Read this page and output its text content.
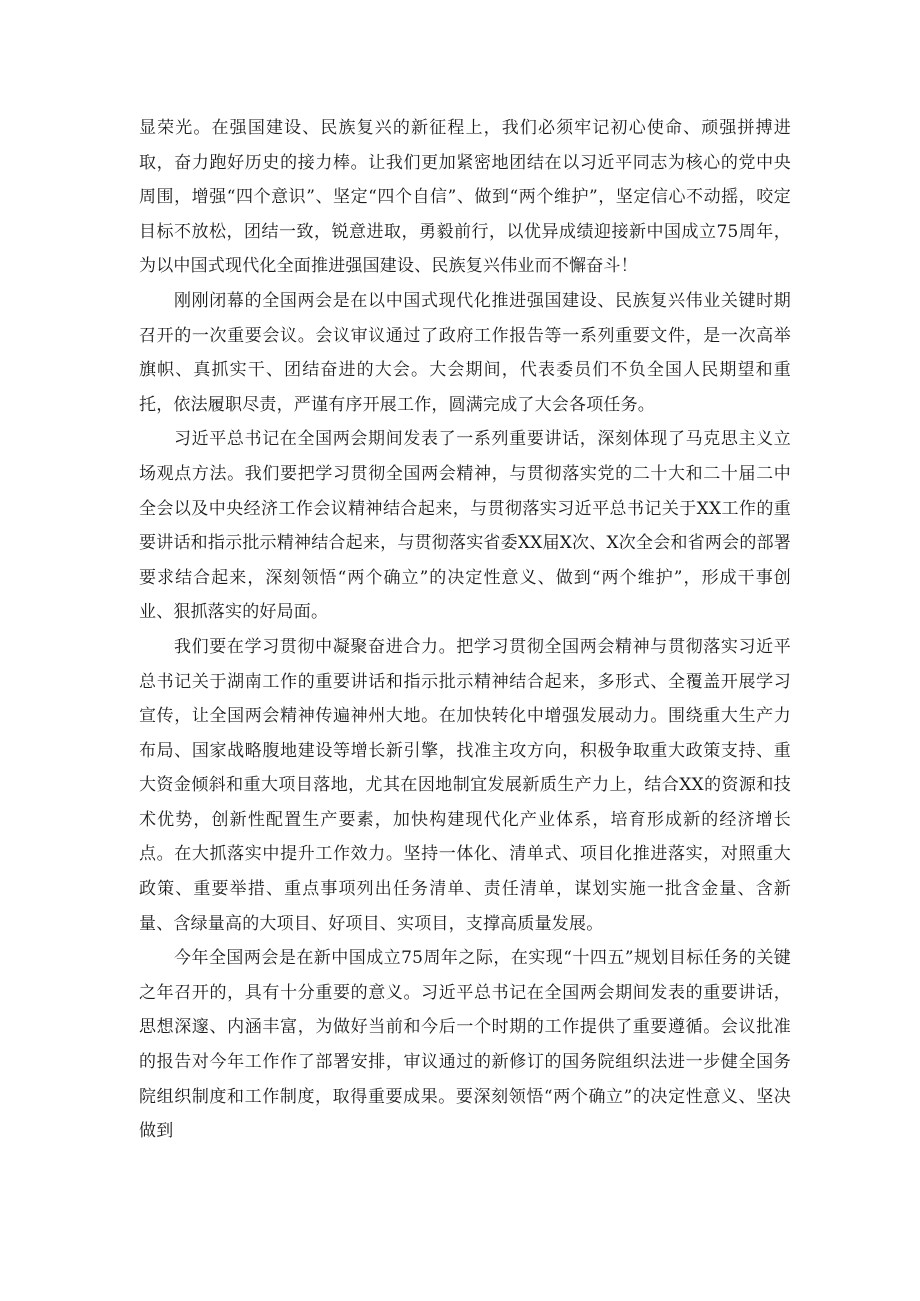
显荣光。在强国建设、民族复兴的新征程上，我们必须牢记初心使命、顽强拼搏进取，奋力跑好历史的接力棒。让我们更加紧密地团结在以习近平同志为核心的党中央周围，增强“四个意识”、坚定“四个自信”、做到“两个维护”，坚定信心不动摇，咬定目标不放松，团结一致，锐意进取，勇毅前行，以优异成绩迎接新中国成立75周年，为以中国式现代化全面推进强国建设、民族复兴伟业而不懈奋斗！

刚刚闭幕的全国两会是在以中国式现代化推进强国建设、民族复兴伟业关键时期召开的一次重要会议。会议审议通过了政府工作报告等一系列重要文件，是一次高举旗帜、真抓实干、团结奋进的大会。大会期间，代表委员们不负全国人民期望和重托，依法履职尽责，严谨有序开展工作，圆满完成了大会各项任务。

习近平总书记在全国两会期间发表了一系列重要讲话，深刻体现了马克思主义立场观点方法。我们要把学习贯彻全国两会精神，与贯彻落实党的二十大和二十届二中全会以及中央经济工作会议精神结合起来，与贯彻落实习近平总书记关于XX工作的重要讲话和指示批示精神结合起来，与贯彻落实省委XX届X次、X次全会和省两会的部署要求结合起来，深刻领悟“两个确立”的决定性意义、做到“两个维护”，形成干事创业、狠抓落实的好局面。

我们要在学习贯彻中凝聚奋进合力。把学习贯彻全国两会精神与贯彻落实习近平总书记关于湖南工作的重要讲话和指示批示精神结合起来，多形式、全覆盖开展学习宣传，让全国两会精神传遍神州大地。在加快转化中增强发展动力。围绕重大生产力布局、国家战略腹地建设等增长新引擎，找准主攻方向，积极争取重大政策支持、重大资金倾斜和重大项目落地，尤其在因地制宜发展新质生产力上，结合XX的资源和技术优势，创新性配置生产要素，加快构建现代化产业体系，培育形成新的经济增长点。在大抓落实中提升工作效力。坚持一体化、清单式、项目化推进落实，对照重大政策、重要举措、重点事项列出任务清单、责任清单，谋划实施一批含金量、含新量、含绿量高的大项目、好项目、实项目，支撑高质量发展。

今年全国两会是在新中国成立75周年之际，在实现“十四五”规划目标任务的关键之年召开的，具有十分重要的意义。习近平总书记在全国两会期间发表的重要讲话，思想深邃、内涵丰富，为做好当前和今后一个时期的工作提供了重要遵循。会议批准的报告对今年工作作了部署安排，审议通过的新修订的国务院组织法进一步健全国务院组织制度和工作制度，取得重要成果。要深刻领悟“两个确立”的决定性意义、坚决做到
